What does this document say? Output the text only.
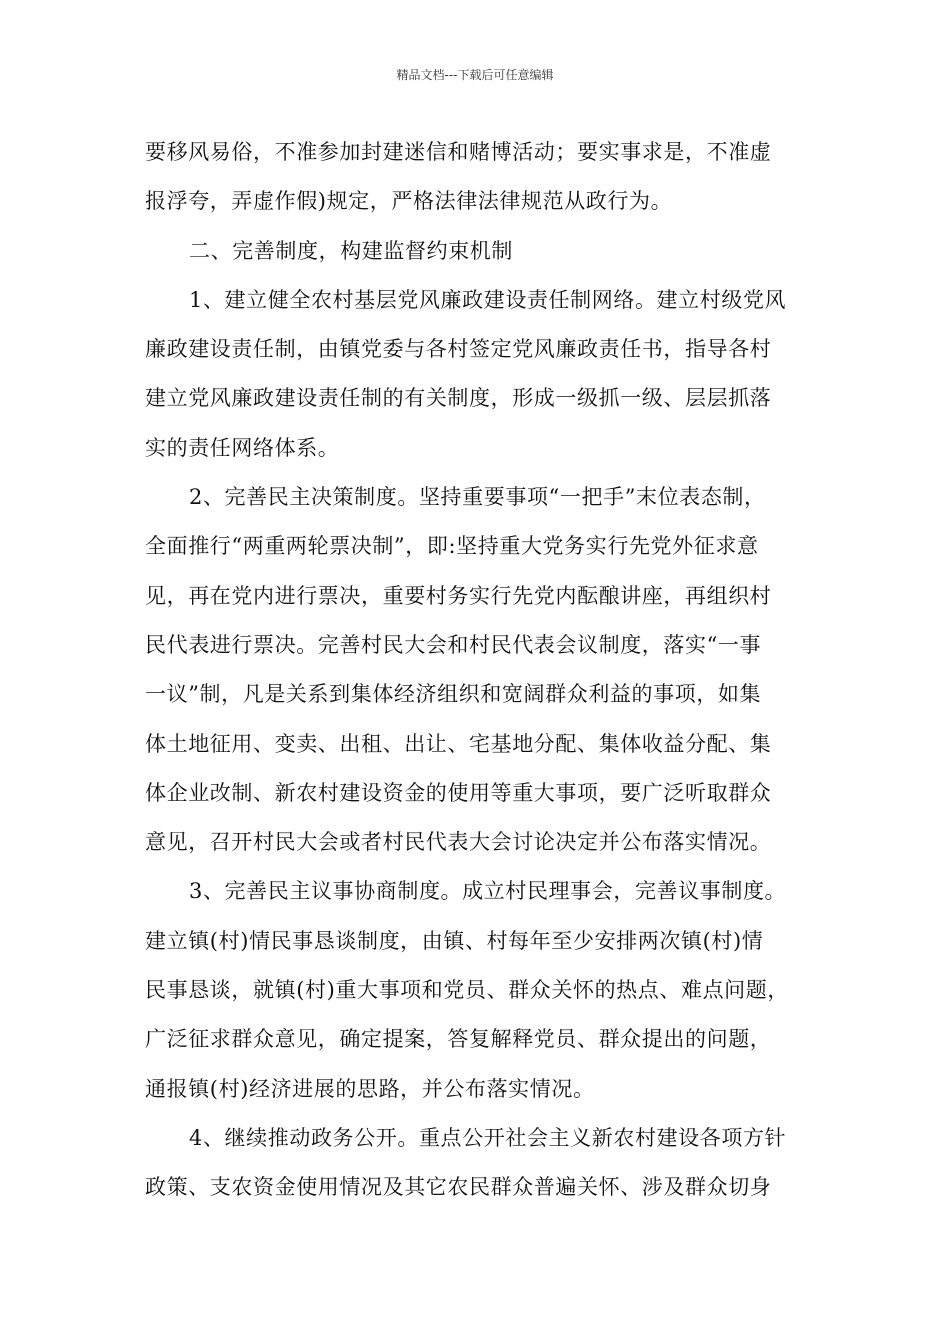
精品文档---下载后可任意编辑
要移风易俗，不准参加封建迷信和赌博活动；要实事求是，不准虚
报浮夸，弄虚作假)规定，严格法律法律规范从政行为。
二、完善制度，构建监督约束机制
1、建立健全农村基层党风廉政建设责任制网络。建立村级党风
廉政建设责任制，由镇党委与各村签定党风廉政责任书，指导各村
建立党风廉政建设责任制的有关制度，形成一级抓一级、层层抓落
实的责任网络体系。
2、完善民主决策制度。坚持重要事项“一把手”末位表态制，
全面推行“两重两轮票决制”，即:坚持重大党务实行先党外征求意
见，再在党内进行票决，重要村务实行先党内酝酿讲座，再组织村
民代表进行票决。完善村民大会和村民代表会议制度，落实“一事
一议”制，凡是关系到集体经济组织和宽阔群众利益的事项，如集
体土地征用、变卖、出租、出让、宅基地分配、集体收益分配、集
体企业改制、新农村建设资金的使用等重大事项，要广泛听取群众
意见，召开村民大会或者村民代表大会讨论决定并公布落实情况。
3、完善民主议事协商制度。成立村民理事会，完善议事制度。
建立镇(村)情民事恳谈制度，由镇、村每年至少安排两次镇(村)情
民事恳谈，就镇(村)重大事项和党员、群众关怀的热点、难点问题，
广泛征求群众意见，确定提案，答复解释党员、群众提出的问题，
通报镇(村)经济进展的思路，并公布落实情况。
4、继续推动政务公开。重点公开社会主义新农村建设各项方针
政策、支农资金使用情况及其它农民群众普遍关怀、涉及群众切身
